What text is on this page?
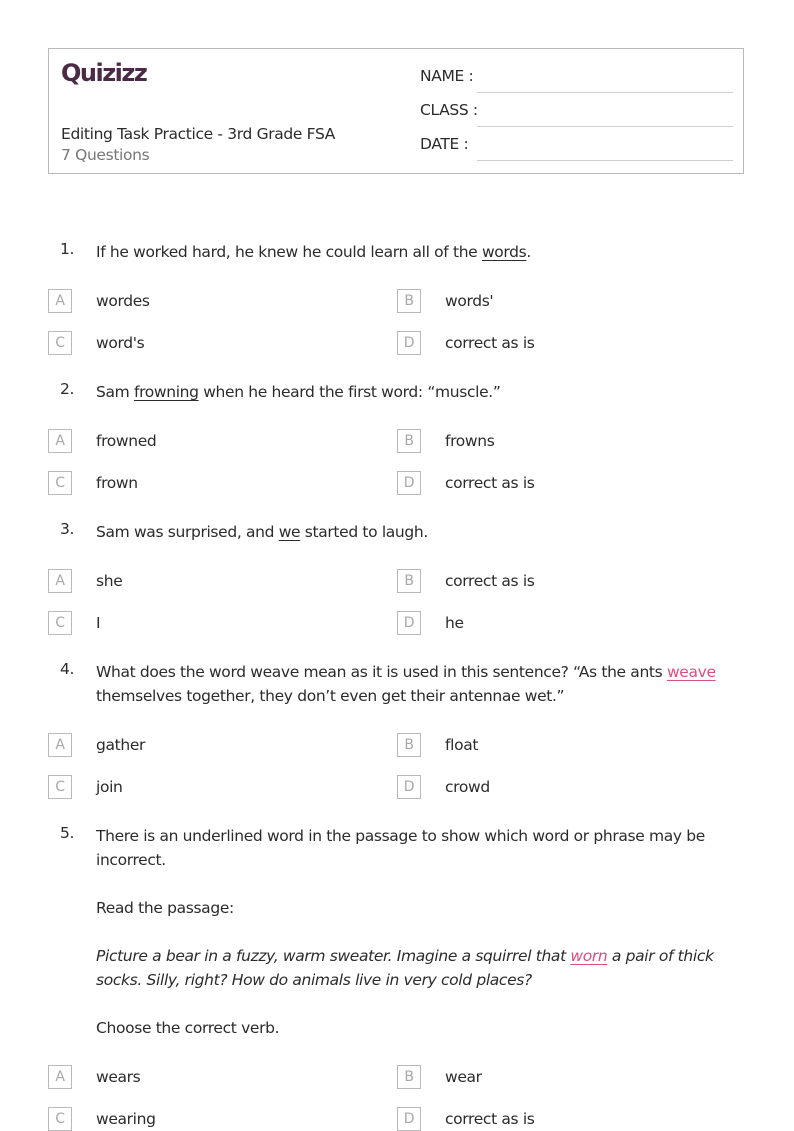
Quizizz
Editing Task Practice - 3rd Grade FSA
7 Questions
NAME :
CLASS :
DATE :
1. If he worked hard, he knew he could learn all of the words.
A	wordes	B	words'
C	word's	D	correct as is
2. Sam frowning when he heard the first word: “muscle.”
A	frowned	B	frowns
C	frown	D	correct as is
3. Sam was surprised, and we started to laugh.
A	she	B	correct as is
C	I	D	he
4. What does the word weave mean as it is used in this sentence? “As the ants weave themselves together, they don’t even get their antennae wet.”
A	gather	B	float
C	join	D	crowd
5. There is an underlined word in the passage to show which word or phrase may be incorrect.
Read the passage:
Picture a bear in a fuzzy, warm sweater. Imagine a squirrel that worn a pair of thick socks. Silly, right? How do animals live in very cold places?
Choose the correct verb.
A	wears	B	wear
C	wearing	D	correct as is
